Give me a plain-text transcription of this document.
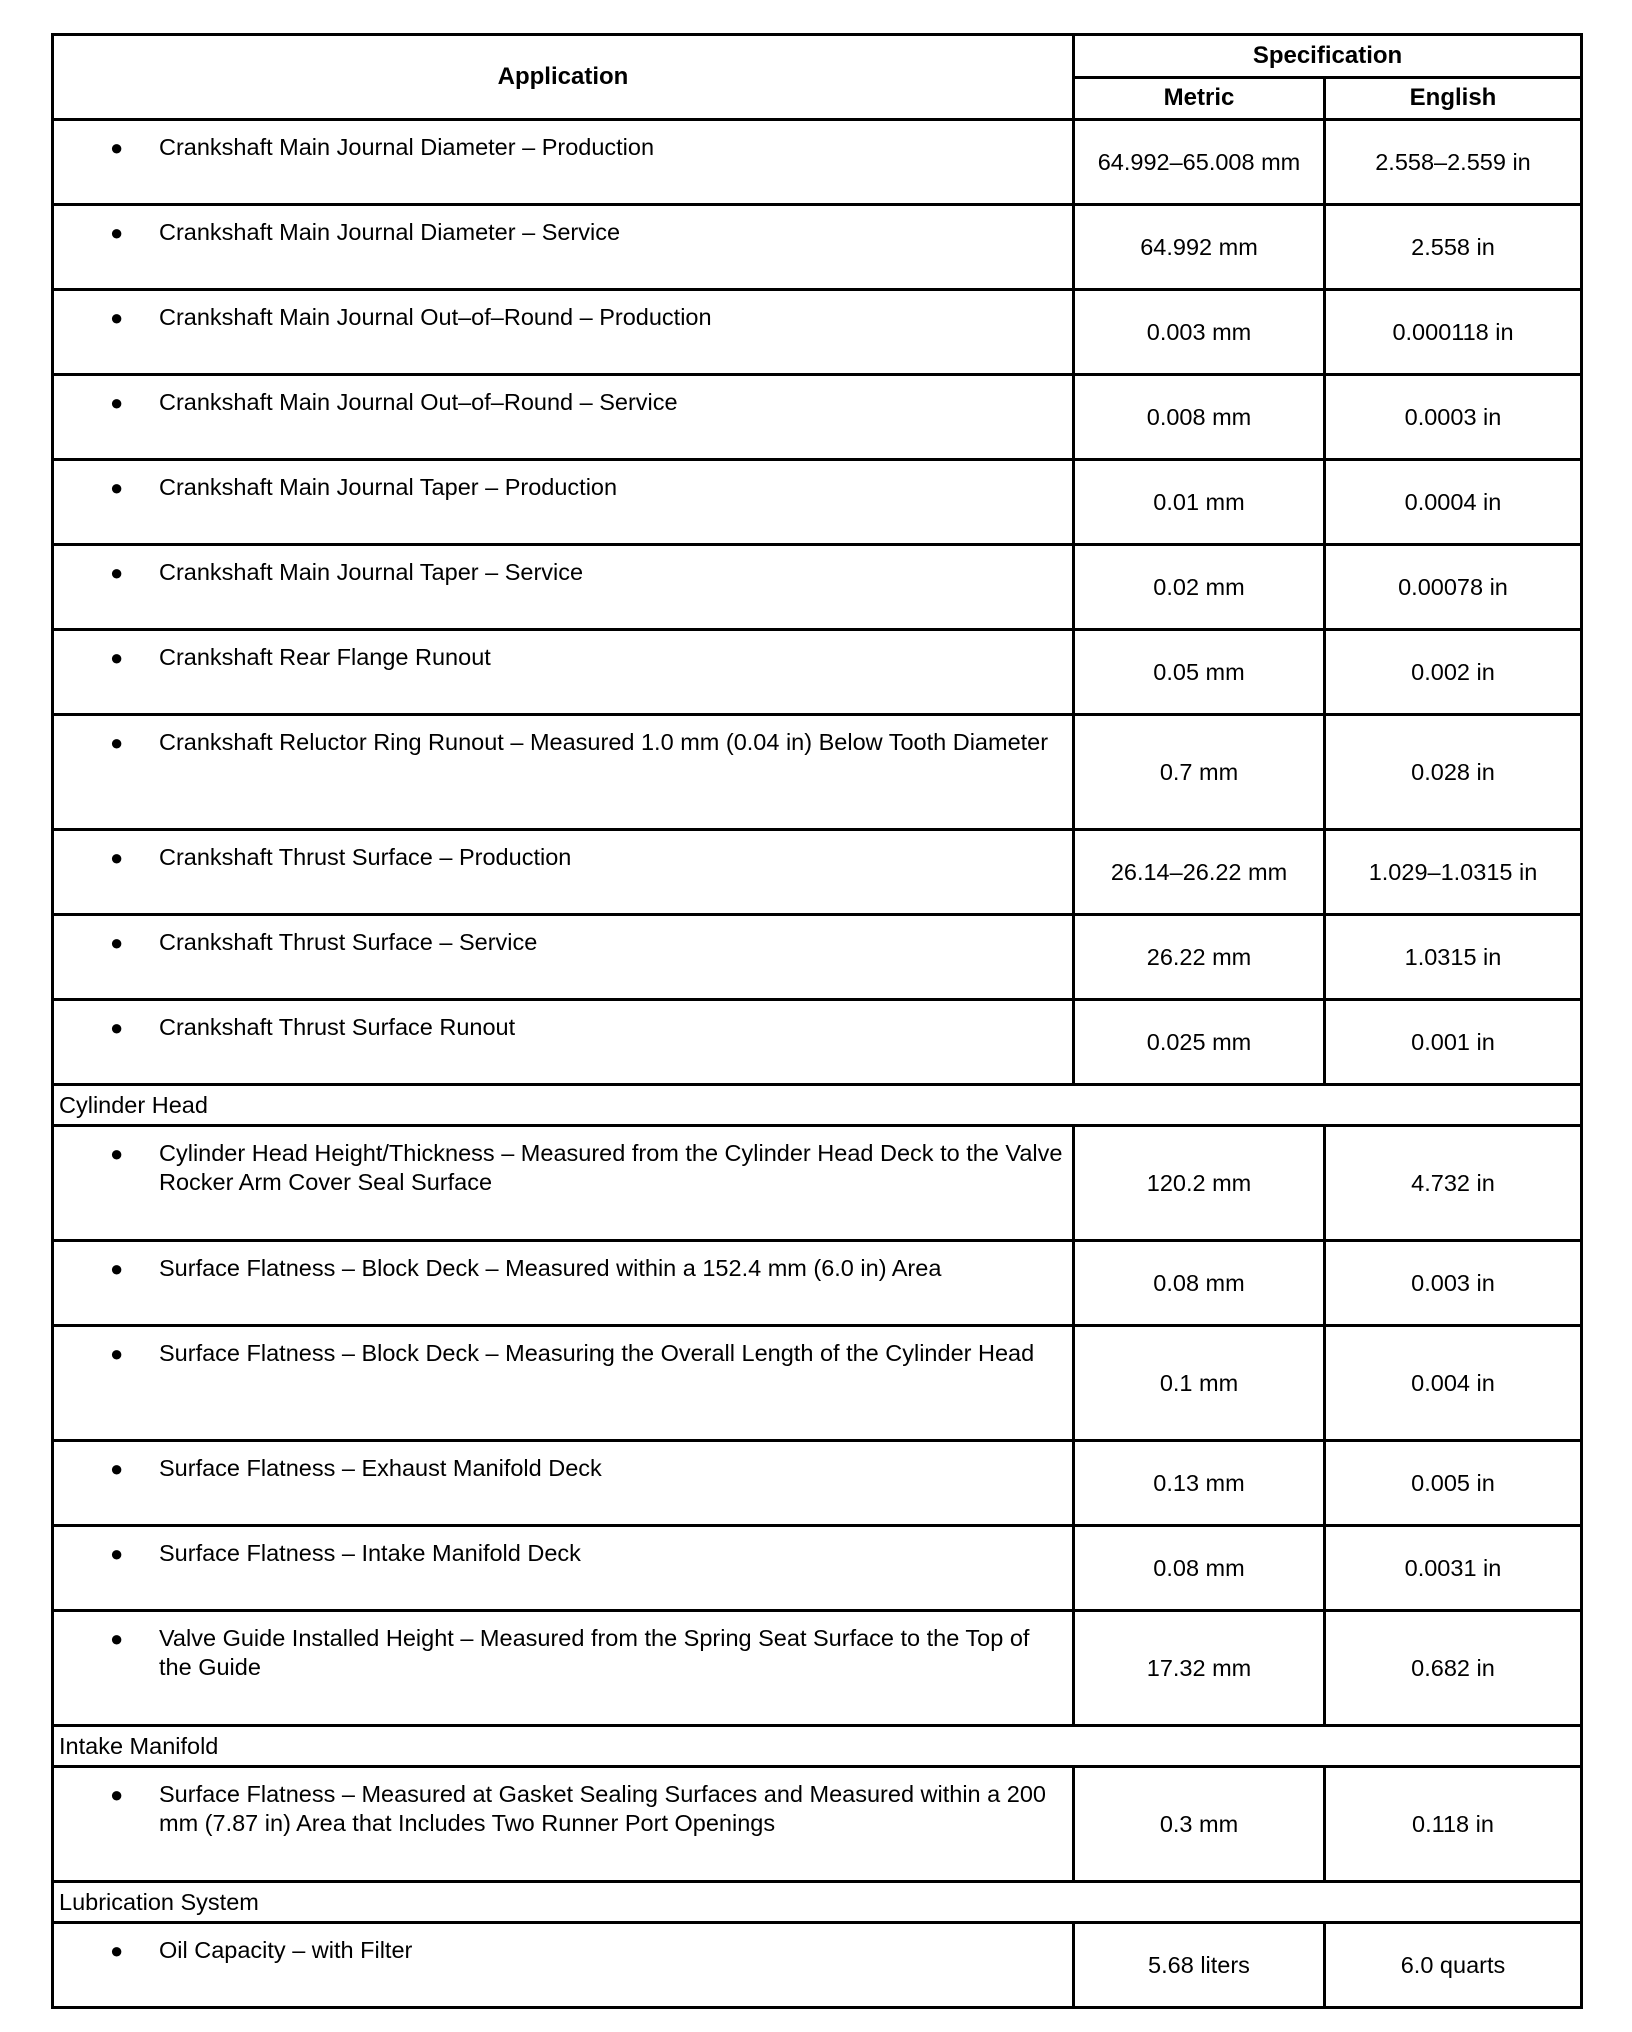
Application	Specification	
	Metric	English

● Crankshaft Main Journal Diameter – Production	64.992–65.008 mm	2.558–2.559 in

● Crankshaft Main Journal Diameter – Service	64.992 mm	2.558 in

● Crankshaft Main Journal Out–of–Round – Production	0.003 mm	0.000118 in

● Crankshaft Main Journal Out–of–Round – Service	0.008 mm	0.0003 in

● Crankshaft Main Journal Taper – Production	0.01 mm	0.0004 in

● Crankshaft Main Journal Taper – Service	0.02 mm	0.00078 in

● Crankshaft Rear Flange Runout	0.05 mm	0.002 in

● Crankshaft Reluctor Ring Runout – Measured 1.0 mm (0.04 in) Below Tooth Diameter	0.7 mm	0.028 in

● Crankshaft Thrust Surface – Production	26.14–26.22 mm	1.029–1.0315 in

● Crankshaft Thrust Surface – Service	26.22 mm	1.0315 in

● Crankshaft Thrust Surface Runout	0.025 mm	0.001 in
Cylinder Head		

● Cylinder Head Height/Thickness – Measured from the Cylinder Head Deck to the Valve Rocker Arm Cover Seal Surface	120.2 mm	4.732 in

● Surface Flatness – Block Deck – Measured within a 152.4 mm (6.0 in) Area	0.08 mm	0.003 in

● Surface Flatness – Block Deck – Measuring the Overall Length of the Cylinder Head	0.1 mm	0.004 in

● Surface Flatness – Exhaust Manifold Deck	0.13 mm	0.005 in

● Surface Flatness – Intake Manifold Deck	0.08 mm	0.0031 in

● Valve Guide Installed Height – Measured from the Spring Seat Surface to the Top of the Guide	17.32 mm	0.682 in
Intake Manifold		

● Surface Flatness – Measured at Gasket Sealing Surfaces and Measured within a 200 mm (7.87 in) Area that Includes Two Runner Port Openings	0.3 mm	0.118 in
Lubrication System		

● Oil Capacity – with Filter	5.68 liters	6.0 quarts
